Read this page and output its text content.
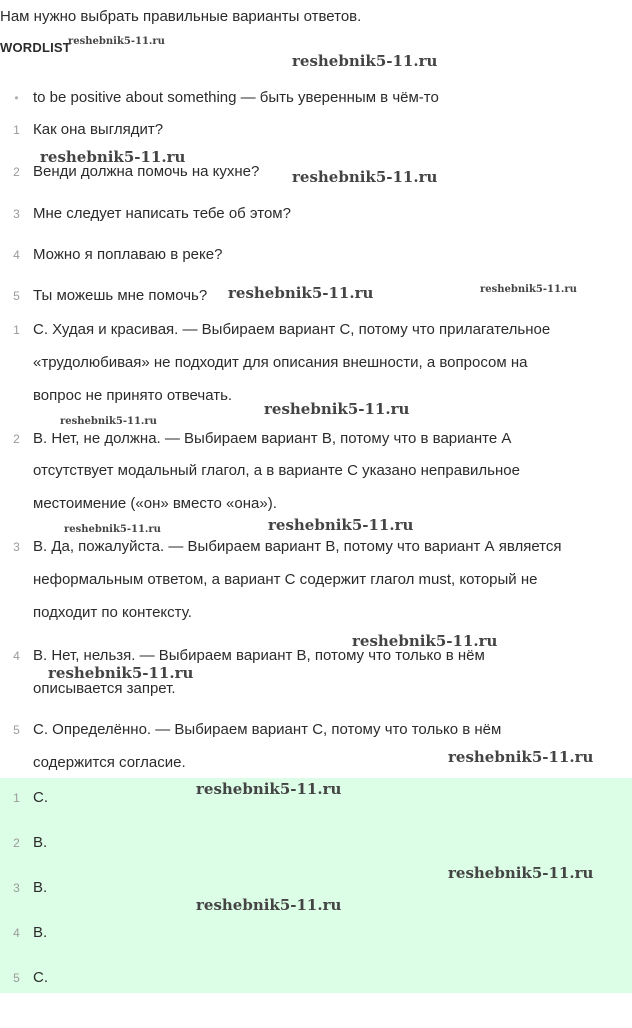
Нам нужно выбрать правильные варианты ответов.
WORDLIST
reshebnik5-11.ru
reshebnik5-11.ru
• to be positive about something — быть уверенным в чём-то
1 Как она выглядит?
reshebnik5-11.ru
2 Венди должна помочь на кухне? reshebnik5-11.ru
3 Мне следует написать тебе об этом?
4 Можно я поплаваю в реке?
5 Ты можешь мне помочь? reshebnik5-11.ru	reshebnik5-11.ru
1 С. Худая и красивая. — Выбираем вариант С, потому что прилагательное
«трудолюбивая» не подходит для описания внешности, а вопросом на
вопрос не принято отвечать.
reshebnik5-11.ru
reshebnik5-11.ru
2 В. Нет, не должна. — Выбираем вариант В, потому что в варианте А
отсутствует модальный глагол, а в варианте С указано неправильное
местоимение («он» вместо «она»).
reshebnik5-11.ru	reshebnik5-11.ru
3 В. Да, пожалуйста. — Выбираем вариант В, потому что вариант А является
неформальным ответом, а вариант С содержит глагол must, который не
подходит по контексту.
reshebnik5-11.ru
4 В. Нет, нельзя. — Выбираем вариант В, потому что только в нём
reshebnik5-11.ru
описывается запрет.
5 С. Определённо. — Выбираем вариант С, потому что только в нём
reshebnik5-11.ru
содержится согласие.
1 С.	reshebnik5-11.ru
2 В.
reshebnik5-11.ru
3 В.
reshebnik5-11.ru
4 В.
5 С.
